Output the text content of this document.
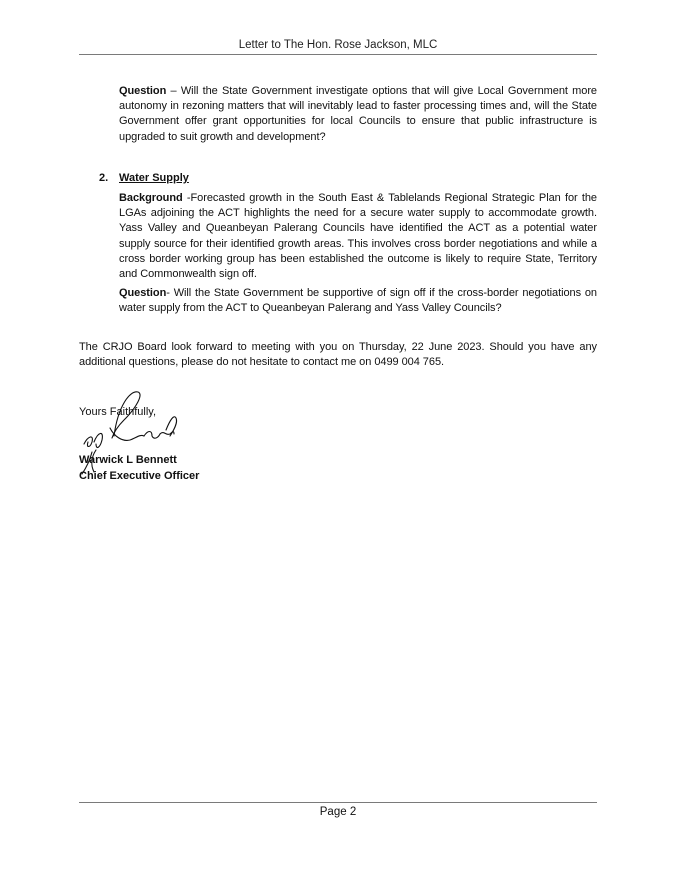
Letter to The Hon. Rose Jackson, MLC

Question – Will the State Government investigate options that will give Local Government more autonomy in rezoning matters that will inevitably lead to faster processing times and, will the State Government offer grant opportunities for local Councils to ensure that public infrastructure is upgraded to suit growth and development?

2. Water Supply

Background -Forecasted growth in the South East & Tablelands Regional Strategic Plan for the LGAs adjoining the ACT highlights the need for a secure water supply to accommodate growth. Yass Valley and Queanbeyan Palerang Councils have identified the ACT as a potential water supply source for their identified growth areas. This involves cross border negotiations and while a cross border working group has been established the outcome is likely to require State, Territory and Commonwealth sign off.

Question- Will the State Government be supportive of sign off if the cross-border negotiations on water supply from the ACT to Queanbeyan Palerang and Yass Valley Councils?

The CRJO Board look forward to meeting with you on Thursday, 22 June 2023. Should you have any additional questions, please do not hesitate to contact me on 0499 004 765.

Yours Faithfully,
Warwick L Bennett
Chief Executive Officer
Page 2
